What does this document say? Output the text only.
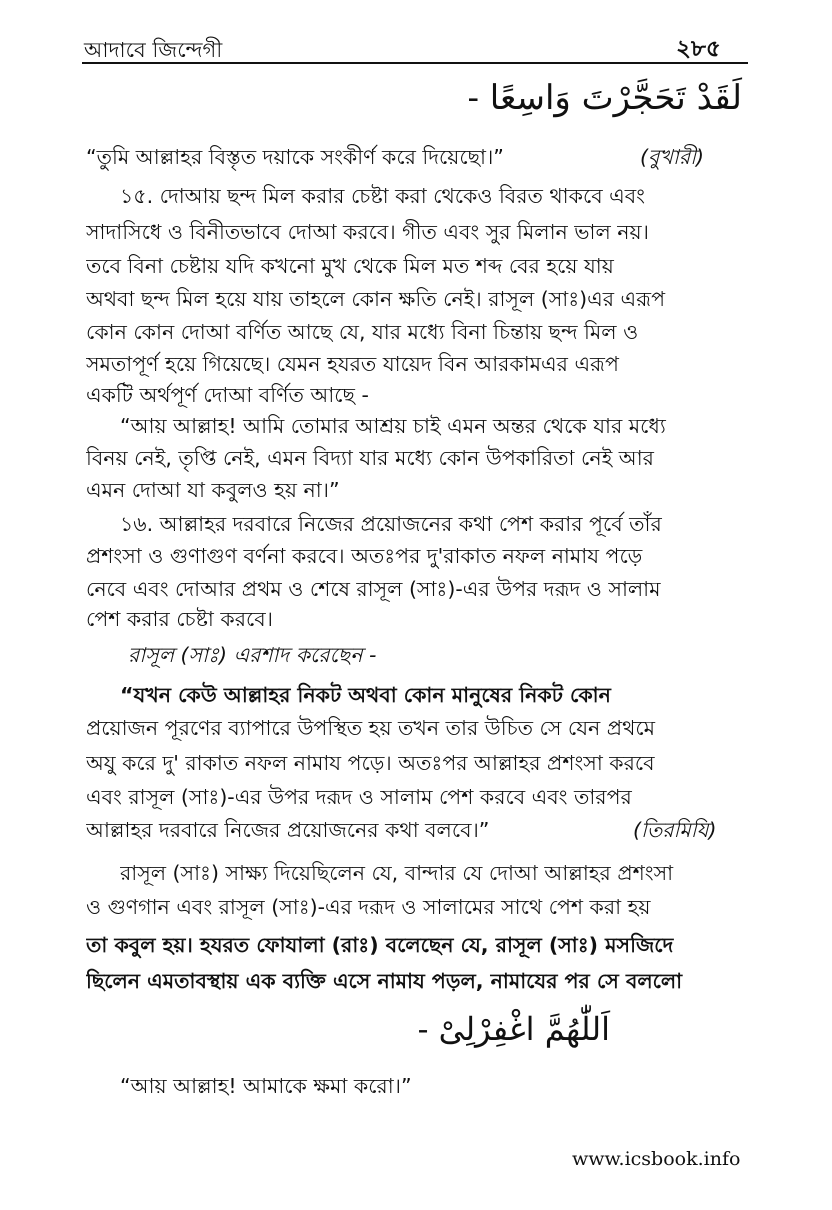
আদাবে জিন্দেগী	২৮৫
لَقَدْ تَحَجَّرْتَ وَاسِعًا -
“তুমি আল্লাহর বিস্তৃত দয়াকে সংকীর্ণ করে দিয়েছো।”	(বুখারী)
১৫. দোআয় ছন্দ মিল করার চেষ্টা করা থেকেও বিরত থাকবে এবং
সাদাসিধে ও বিনীতভাবে দোআ করবে। গীত এবং সুর মিলান ভাল নয়।
তবে বিনা চেষ্টায় যদি কখনো মুখ থেকে মিল মত শব্দ বের হয়ে যায়
অথবা ছন্দ মিল হয়ে যায় তাহলে কোন ক্ষতি নেই। রাসূল (সাঃ)এর এরূপ
কোন কোন দোআ বর্ণিত আছে যে, যার মধ্যে বিনা চিন্তায় ছন্দ মিল ও
সমতাপূর্ণ হয়ে গিয়েছে। যেমন হযরত যায়েদ বিন আরকামএর এরূপ
একটি অর্থপূর্ণ দোআ বর্ণিত আছে -
“আয় আল্লাহ! আমি তোমার আশ্রয় চাই এমন অন্তর থেকে যার মধ্যে
বিনয় নেই, তৃপ্তি নেই, এমন বিদ্যা যার মধ্যে কোন উপকারিতা নেই আর
এমন দোআ যা কবুলও হয় না।”
১৬. আল্লাহর দরবারে নিজের প্রয়োজনের কথা পেশ করার পূর্বে তাঁর
প্রশংসা ও গুণাগুণ বর্ণনা করবে। অতঃপর দু'রাকাত নফল নামায পড়ে
নেবে এবং দোআর প্রথম ও শেষে রাসূল (সাঃ)-এর উপর দরূদ ও সালাম
পেশ করার চেষ্টা করবে।
রাসূল (সাঃ) এরশাদ করেছেন -
“যখন কেউ আল্লাহর নিকট অথবা কোন মানুষের নিকট কোন
প্রয়োজন পূরণের ব্যাপারে উপস্থিত হয় তখন তার উচিত সে যেন প্রথমে
অযু করে দু' রাকাত নফল নামায পড়ে। অতঃপর আল্লাহর প্রশংসা করবে
এবং রাসূল (সাঃ)-এর উপর দরূদ ও সালাম পেশ করবে এবং তারপর
আল্লাহর দরবারে নিজের প্রয়োজনের কথা বলবে।”	(তিরমিযি)
রাসূল (সাঃ) সাক্ষ্য দিয়েছিলেন যে, বান্দার যে দোআ আল্লাহর প্রশংসা
ও গুণগান এবং রাসূল (সাঃ)-এর দরূদ ও সালামের সাথে পেশ করা হয়
তা কবুল হয়। হযরত ফোযালা (রাঃ) বলেছেন যে, রাসূল (সাঃ) মসজিদে
ছিলেন এমতাবস্থায় এক ব্যক্তি এসে নামায পড়ল, নামাযের পর সে বললো
اَللّٰهُمَّ اغْفِرْلِىْ -
“আয় আল্লাহ! আমাকে ক্ষমা করো।”
www.icsbook.info
